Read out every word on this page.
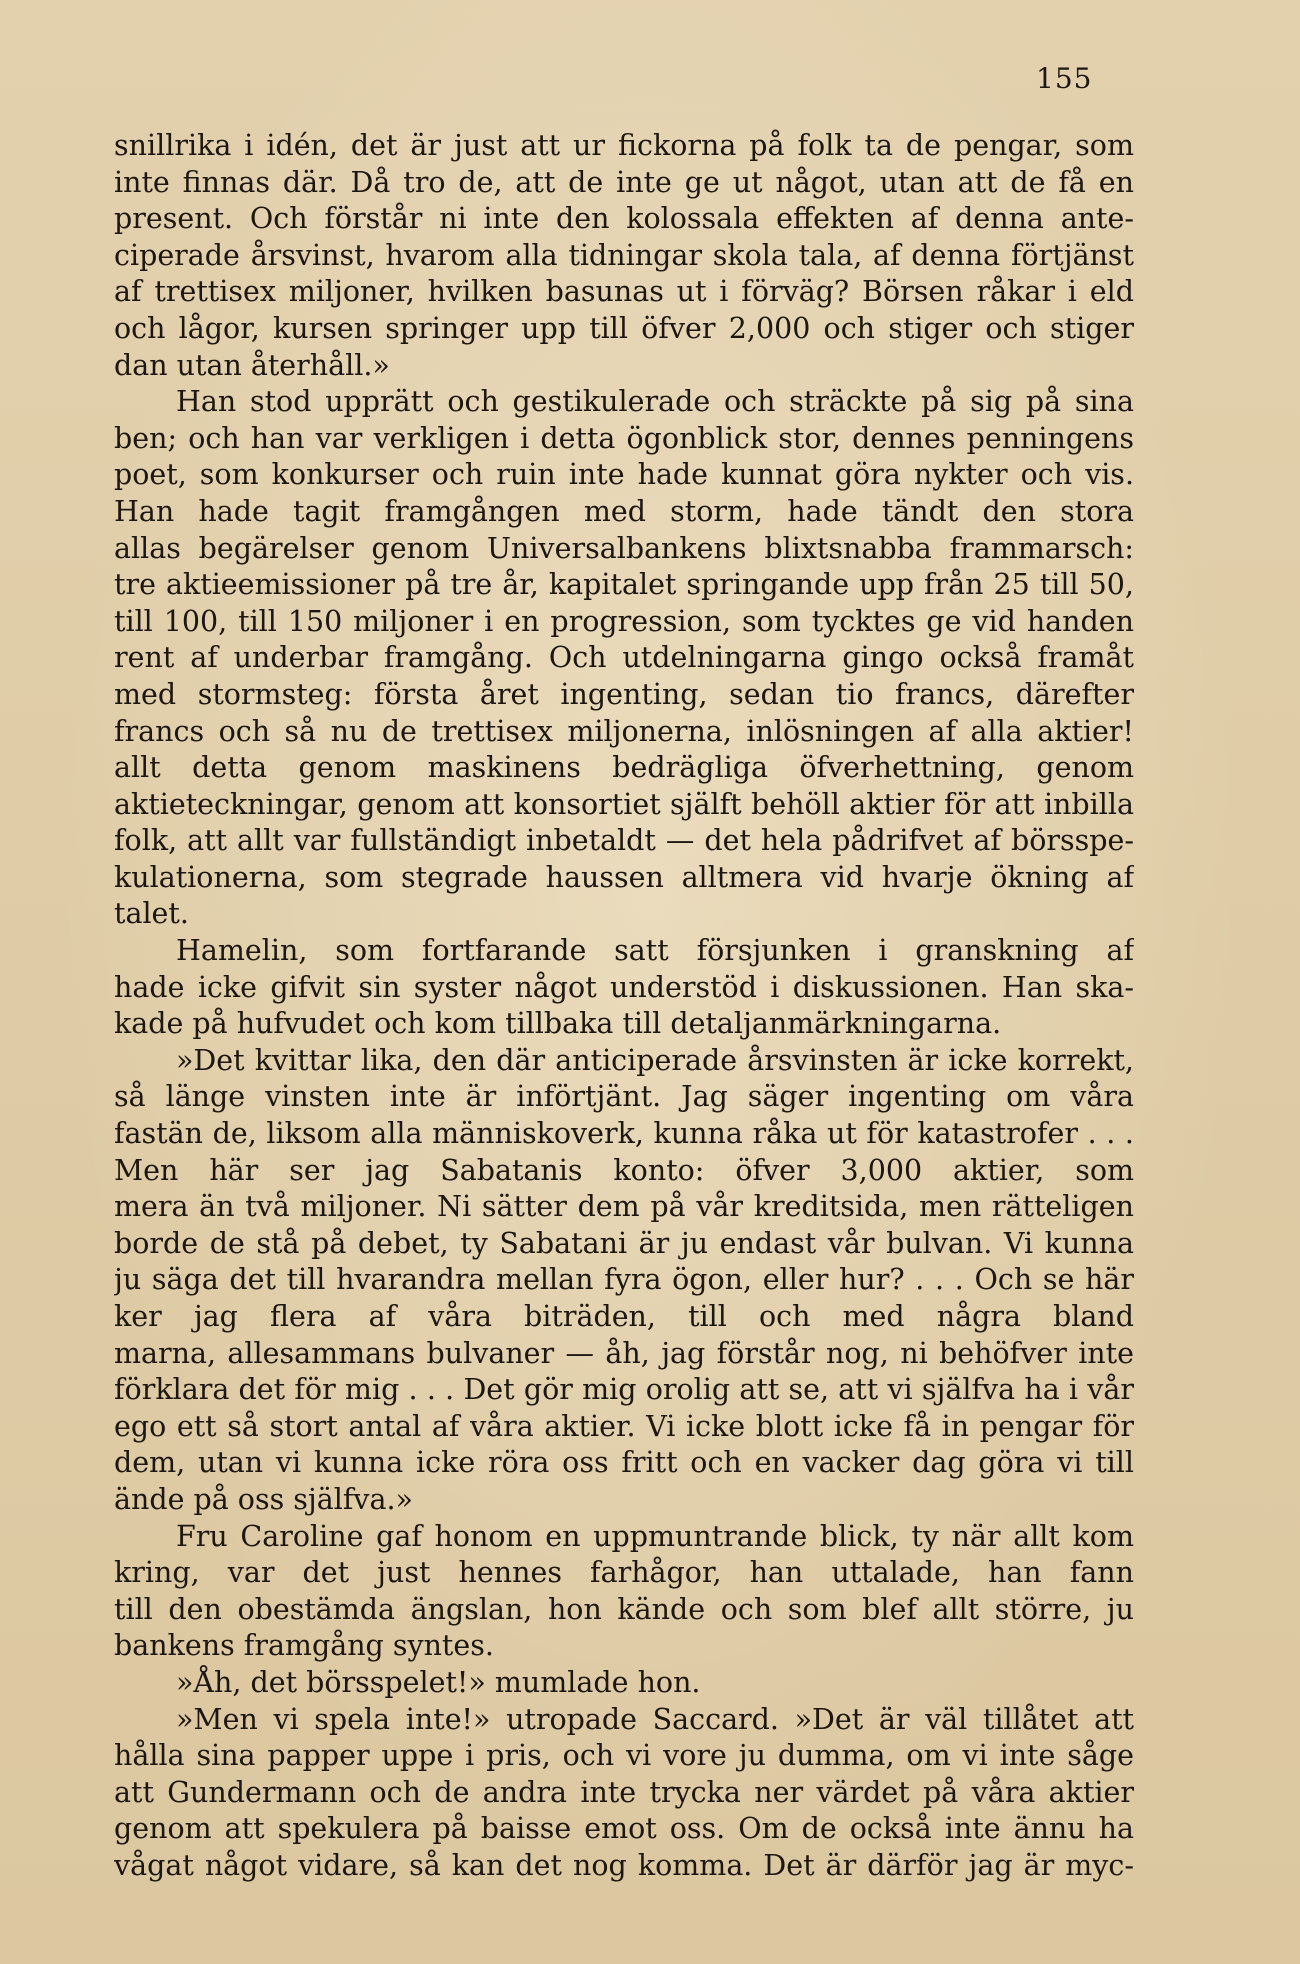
155
snillrika i idén, det är just att ur fickorna på folk ta de pengar, som
inte finnas där. Då tro de, att de inte ge ut något, utan att de få en
present. Och förstår ni inte den kolossala effekten af denna ante-
ciperade årsvinst, hvarom alla tidningar skola tala, af denna förtjänst
af trettisex miljoner, hvilken basunas ut i förväg? Börsen råkar i eld
och lågor, kursen springer upp till öfver 2,000 och stiger och stiger
dan utan återhåll.»
Han stod upprätt och gestikulerade och sträckte på sig på sina
ben; och han var verkligen i detta ögonblick stor, dennes penningens
poet, som konkurser och ruin inte hade kunnat göra nykter och vis.
Han hade tagit framgången med storm, hade tändt den stora
allas begärelser genom Universalbankens blixtsnabba frammarsch:
tre aktieemissioner på tre år, kapitalet springande upp från 25 till 50,
till 100, till 150 miljoner i en progression, som tycktes ge vid handen
rent af underbar framgång. Och utdelningarna gingo också framåt
med stormsteg: första året ingenting, sedan tio francs, därefter
francs och så nu de trettisex miljonerna, inlösningen af alla aktier!
allt detta genom maskinens bedrägliga öfverhettning, genom
aktieteckningar, genom att konsortiet själft behöll aktier för att inbilla
folk, att allt var fullständigt inbetaldt — det hela pådrifvet af börsspe-
kulationerna, som stegrade haussen alltmera vid hvarje ökning af
talet.
Hamelin, som fortfarande satt försjunken i granskning af
hade icke gifvit sin syster något understöd i diskussionen. Han ska-
kade på hufvudet och kom tillbaka till detaljanmärkningarna.
»Det kvittar lika, den där anticiperade årsvinsten är icke korrekt,
så länge vinsten inte är införtjänt. Jag säger ingenting om våra
fastän de, liksom alla människoverk, kunna råka ut för katastrofer . . .
Men här ser jag Sabatanis konto: öfver 3,000 aktier, som
mera än två miljoner. Ni sätter dem på vår kreditsida, men rätteligen
borde de stå på debet, ty Sabatani är ju endast vår bulvan. Vi kunna
ju säga det till hvarandra mellan fyra ögon, eller hur? . . . Och se här
ker jag flera af våra biträden, till och med några bland
marna, allesammans bulvaner — åh, jag förstår nog, ni behöfver inte
förklara det för mig . . . Det gör mig orolig att se, att vi själfva ha i vår
ego ett så stort antal af våra aktier. Vi icke blott icke få in pengar för
dem, utan vi kunna icke röra oss fritt och en vacker dag göra vi till
ände på oss själfva.»
Fru Caroline gaf honom en uppmuntrande blick, ty när allt kom
kring, var det just hennes farhågor, han uttalade, han fann
till den obestämda ängslan, hon kände och som blef allt större, ju
bankens framgång syntes.
»Åh, det börsspelet!» mumlade hon.
»Men vi spela inte!» utropade Saccard. »Det är väl tillåtet att
hålla sina papper uppe i pris, och vi vore ju dumma, om vi inte såge
att Gundermann och de andra inte trycka ner värdet på våra aktier
genom att spekulera på baisse emot oss. Om de också inte ännu ha
vågat något vidare, så kan det nog komma. Det är därför jag är myc-
